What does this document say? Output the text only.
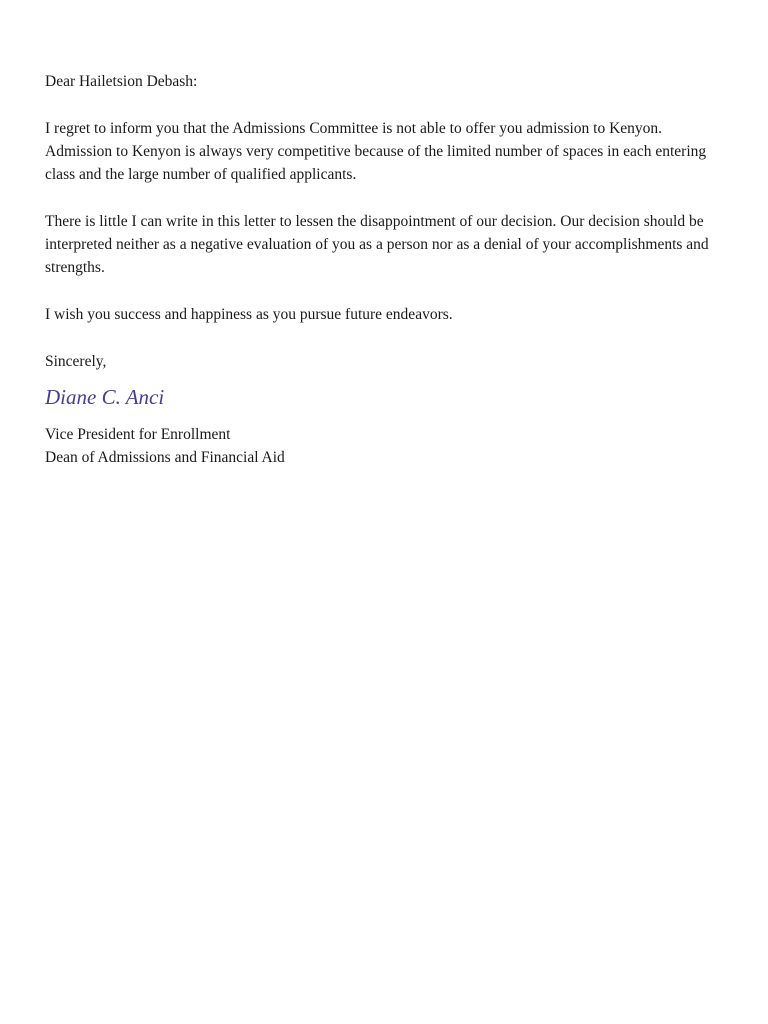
Dear Hailetsion Debash:

I regret to inform you that the Admissions Committee is not able to offer you admission to Kenyon. Admission to Kenyon is always very competitive because of the limited number of spaces in each entering class and the large number of qualified applicants.

There is little I can write in this letter to lessen the disappointment of our decision. Our decision should be interpreted neither as a negative evaluation of you as a person nor as a denial of your accomplishments and strengths.

I wish you success and happiness as you pursue future endeavors.

Sincerely,

Diane C. Anci
Vice President for Enrollment
Dean of Admissions and Financial Aid
